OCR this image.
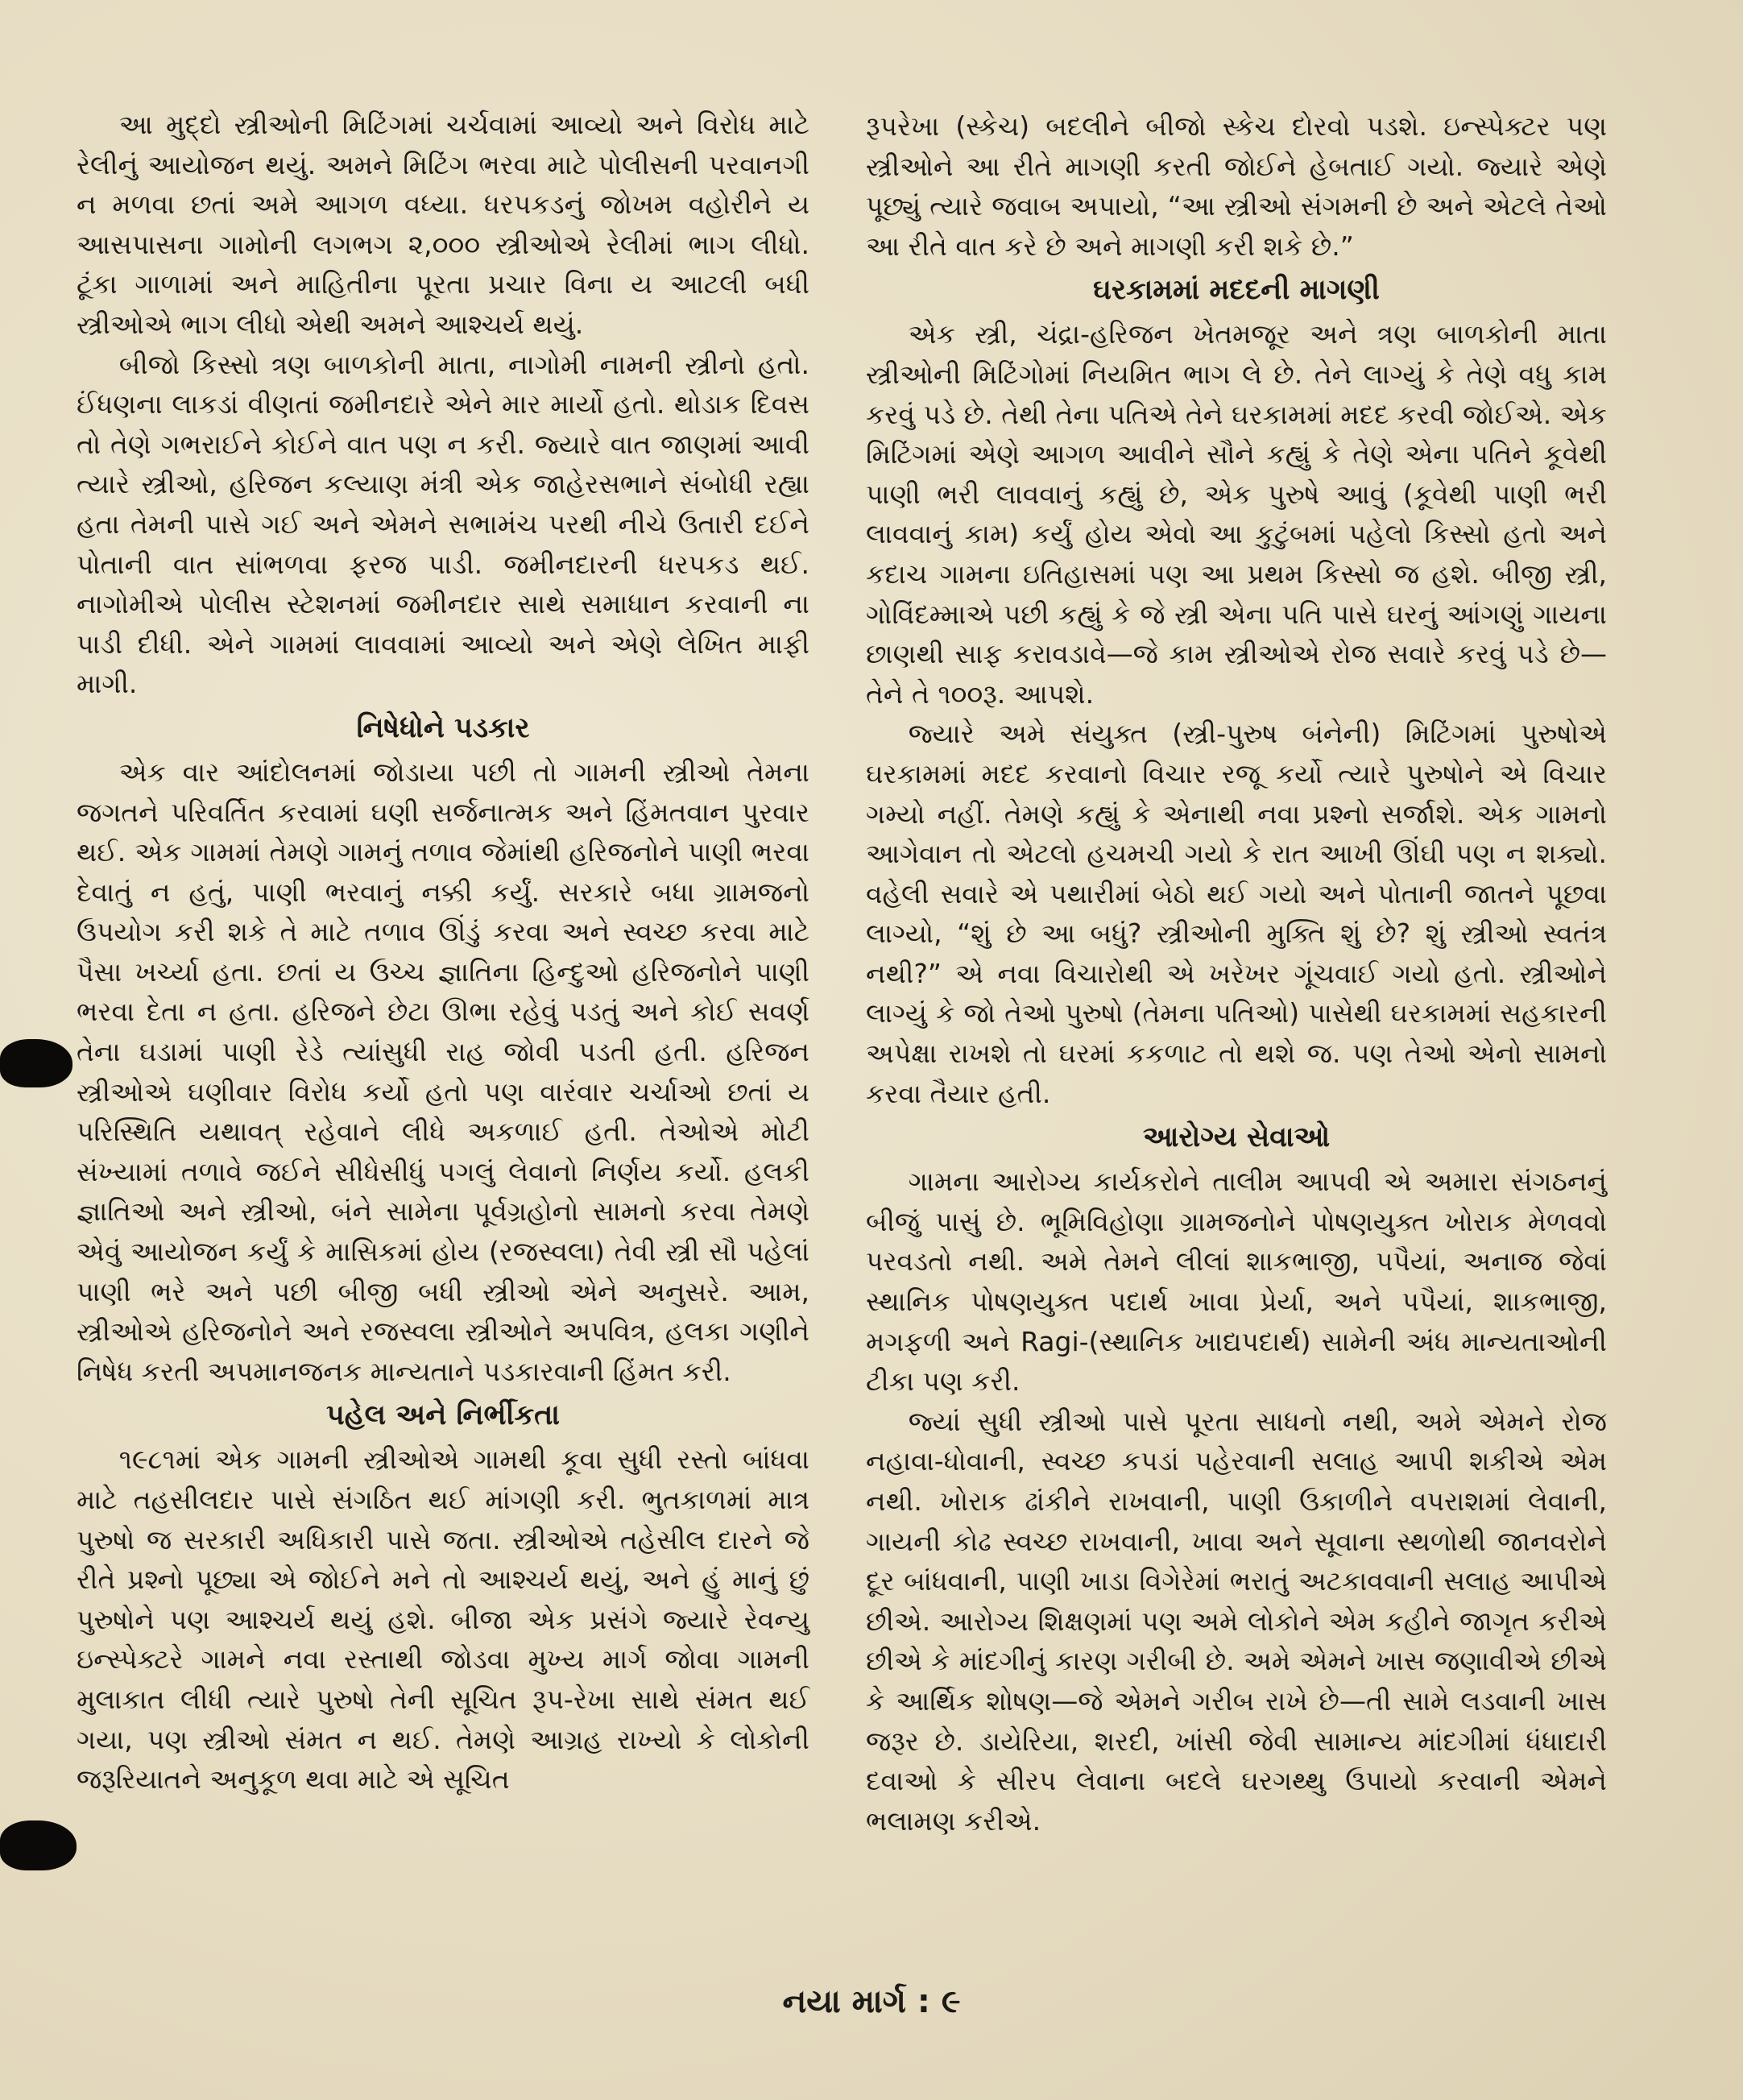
આ મુદ્દો સ્ત્રીઓની મિટિંગમાં ચર્ચવામાં આવ્યો અને વિરોધ માટે રેલીનું આયોજન થયું. અમને મિટિંગ ભરવા માટે પોલીસની પરવાનગી ન મળવા છતાં અમે આગળ વધ્યા. ધરપકડનું જોખમ વહોરીને ય આસપાસના ગામોની લગભગ ૨,૦૦૦ સ્ત્રીઓએ રેલીમાં ભાગ લીધો. ટૂંકા ગાળામાં અને માહિતીના પૂરતા પ્રચાર વિના ય આટલી બધી સ્ત્રીઓએ ભાગ લીધો એથી અમને આશ્ચર્ય થયું.

બીજો કિસ્સો ત્રણ બાળકોની માતા, નાગોમી નામની સ્ત્રીનો હતો. ઈંધણના લાકડાં વીણતાં જમીનદારે એને માર માર્યો હતો. થોડાક દિવસ તો તેણે ગભરાઈને કોઈને વાત પણ ન કરી. જ્યારે વાત જાણમાં આવી ત્યારે સ્ત્રીઓ, હરિજન કલ્યાણ મંત્રી એક જાહેરસભાને સંબોધી રહ્યા હતા તેમની પાસે ગઈ અને એમને સભામંચ પરથી નીચે ઉતારી દઈને પોતાની વાત સાંભળવા ફરજ પાડી. જમીનદારની ધરપકડ થઈ. નાગોમીએ પોલીસ સ્ટેશનમાં જમીનદાર સાથે સમાધાન કરવાની ના પાડી દીધી. એને ગામમાં લાવવામાં આવ્યો અને એણે લેખિત માફી માગી.

નિષેધોને પડકાર

એક વાર આંદોલનમાં જોડાયા પછી તો ગામની સ્ત્રીઓ તેમના જગતને પરિવર્તિત કરવામાં ઘણી સર્જનાત્મક અને હિંમતવાન પુરવાર થઈ. એક ગામમાં તેમણે ગામનું તળાવ જેમાંથી હરિજનોને પાણી ભરવા દેવાતું ન હતું, પાણી ભરવાનું નક્કી કર્યું. સરકારે બધા ગ્રામજનો ઉપયોગ કરી શકે તે માટે તળાવ ઊંડું કરવા અને સ્વચ્છ કરવા માટે પૈસા ખર્ચ્યા હતા. છતાં ય ઉચ્ચ જ્ઞાતિના હિન્દુઓ હરિજનોને પાણી ભરવા દેતા ન હતા. હરિજને છેટા ઊભા રહેવું પડતું અને કોઈ સવર્ણ તેના ઘડામાં પાણી રેડે ત્યાંસુધી રાહ જોવી પડતી હતી. હરિજન સ્ત્રીઓએ ઘણીવાર વિરોધ કર્યો હતો પણ વારંવાર ચર્ચાઓ છતાં ય પરિસ્થિતિ યથાવત્ રહેવાને લીધે અકળાઈ હતી. તેઓએ મોટી સંખ્યામાં તળાવે જઈને સીધેસીધું પગલું લેવાનો નિર્ણય કર્યો. હલકી જ્ઞાતિઓ અને સ્ત્રીઓ, બંને સામેના પૂર્વગ્રહોનો સામનો કરવા તેમણે એવું આયોજન કર્યું કે માસિકમાં હોય (રજસ્વલા) તેવી સ્ત્રી સૌ પહેલાં પાણી ભરે અને પછી બીજી બધી સ્ત્રીઓ એને અનુસરે. આમ, સ્ત્રીઓએ હરિજનોને અને રજસ્વલા સ્ત્રીઓને અપવિત્ર, હલકા ગણીને નિષેધ કરતી અપમાનજનક માન્યતાને પડકારવાની હિંમત કરી.

પહેલ અને નિર્ભીકતા

૧૯૮૧માં એક ગામની સ્ત્રીઓએ ગામથી કૂવા સુધી રસ્તો બાંધવા માટે તહસીલદાર પાસે સંગઠિત થઈ માંગણી કરી. ભુતકાળમાં માત્ર પુરુષો જ સરકારી અધિકારી પાસે જતા. સ્ત્રીઓએ તહેસીલ દારને જે રીતે પ્રશ્નો પૂછ્યા એ જોઈને મને તો આશ્ચર્ય થયું, અને હું માનું છું પુરુષોને પણ આશ્ચર્ય થયું હશે. બીજા એક પ્રસંગે જ્યારે રેવન્યુ ઇન્સ્પેક્ટરે ગામને નવા રસ્તાથી જોડવા મુખ્ય માર્ગ જોવા ગામની મુલાકાત લીધી ત્યારે પુરુષો તેની સૂચિત રૂપ-રેખા સાથે સંમત થઈ ગયા, પણ સ્ત્રીઓ સંમત ન થઈ. તેમણે આગ્રહ રાખ્યો કે લોકોની જરૂરિયાતને અનુકૂળ થવા માટે એ સૂચિત

રૂપરેખા (સ્કેચ) બદલીને બીજો સ્કેચ દોરવો પડશે. ઇન્સ્પેક્ટર પણ સ્ત્રીઓને આ રીતે માગણી કરતી જોઈને હેબતાઈ ગયો. જ્યારે એણે પૂછ્યું ત્યારે જવાબ અપાયો, “આ સ્ત્રીઓ સંગમની છે અને એટલે તેઓ આ રીતે વાત કરે છે અને માગણી કરી શકે છે.”

ઘરકામમાં મદદની માગણી

એક સ્ત્રી, ચંદ્રા-હરિજન ખેતમજૂર અને ત્રણ બાળકોની માતા સ્ત્રીઓની મિટિંગોમાં નિયમિત ભાગ લે છે. તેને લાગ્યું કે તેણે વધુ કામ કરવું પડે છે. તેથી તેના પતિએ તેને ઘરકામમાં મદદ કરવી જોઈએ. એક મિટિંગમાં એણે આગળ આવીને સૌને કહ્યું કે તેણે એના પતિને કૂવેથી પાણી ભરી લાવવાનું કહ્યું છે, એક પુરુષે આવું (કૂવેથી પાણી ભરી લાવવાનું કામ) કર્યું હોય એવો આ કુટુંબમાં પહેલો કિસ્સો હતો અને કદાચ ગામના ઇતિહાસમાં પણ આ પ્રથમ કિસ્સો જ હશે. બીજી સ્ત્રી, ગોવિંદમ્માએ પછી કહ્યું કે જે સ્ત્રી એના પતિ પાસે ઘરનું આંગણું ગાયના છાણથી સાફ કરાવડાવે—જે કામ સ્ત્રીઓએ રોજ સવારે કરવું પડે છે—તેને તે ૧૦૦રૂ. આપશે.

જ્યારે અમે સંયુક્ત (સ્ત્રી-પુરુષ બંનેની) મિટિંગમાં પુરુષોએ ઘરકામમાં મદદ કરવાનો વિચાર રજૂ કર્યો ત્યારે પુરુષોને એ વિચાર ગમ્યો નહીં. તેમણે કહ્યું કે એનાથી નવા પ્રશ્નો સર્જાશે. એક ગામનો આગેવાન તો એટલો હચમચી ગયો કે રાત આખી ઊંઘી પણ ન શક્યો. વહેલી સવારે એ પથારીમાં બેઠો થઈ ગયો અને પોતાની જાતને પૂછવા લાગ્યો, “શું છે આ બધું? સ્ત્રીઓની મુક્તિ શું છે? શું સ્ત્રીઓ સ્વતંત્ર નથી?” એ નવા વિચારોથી એ ખરેખર ગૂંચવાઈ ગયો હતો. સ્ત્રીઓને લાગ્યું કે જો તેઓ પુરુષો (તેમના પતિઓ) પાસેથી ઘરકામમાં સહકારની અપેક્ષા રાખશે તો ઘરમાં કકળાટ તો થશે જ. પણ તેઓ એનો સામનો કરવા તૈયાર હતી.

આરોગ્ય સેવાઓ

ગામના આરોગ્ય કાર્યકરોને તાલીમ આપવી એ અમારા સંગઠનનું બીજું પાસું છે. ભૂમિવિહોણા ગ્રામજનોને પોષણયુક્ત ખોરાક મેળવવો પરવડતો નથી. અમે તેમને લીલાં શાકભાજી, પપૈયાં, અનાજ જેવાં સ્થાનિક પોષણયુક્ત પદાર્થ ખાવા પ્રેર્યા, અને પપૈયાં, શાકભાજી, મગફળી અને Ragi-(સ્થાનિક ખાદ્યપદાર્થ) સામેની અંધ માન્યતાઓની ટીકા પણ કરી.

જ્યાં સુધી સ્ત્રીઓ પાસે પૂરતા સાધનો નથી, અમે એમને રોજ નહાવા-ધોવાની, સ્વચ્છ કપડાં પહેરવાની સલાહ આપી શકીએ એમ નથી. ખોરાક ઢાંકીને રાખવાની, પાણી ઉકાળીને વપરાશમાં લેવાની, ગાયની કોઢ સ્વચ્છ રાખવાની, ખાવા અને સૂવાના સ્થળોથી જાનવરોને દૂર બાંધવાની, પાણી ખાડા વિગેરેમાં ભરાતું અટકાવવાની સલાહ આપીએ છીએ. આરોગ્ય શિક્ષણમાં પણ અમે લોકોને એમ કહીને જાગૃત કરીએ છીએ કે માંદગીનું કારણ ગરીબી છે. અમે એમને ખાસ જણાવીએ છીએ કે આર્થિક શોષણ—જે એમને ગરીબ રાખે છે—તી સામે લડવાની ખાસ જરૂર છે. ડાયેરિયા, શરદી, ખાંસી જેવી સામાન્ય માંદગીમાં ધંધાદારી દવાઓ કે સીરપ લેવાના બદલે ઘરગથ્થુ ઉપાયો કરવાની એમને ભલામણ કરીએ.

નયા માર્ગ : ૯
